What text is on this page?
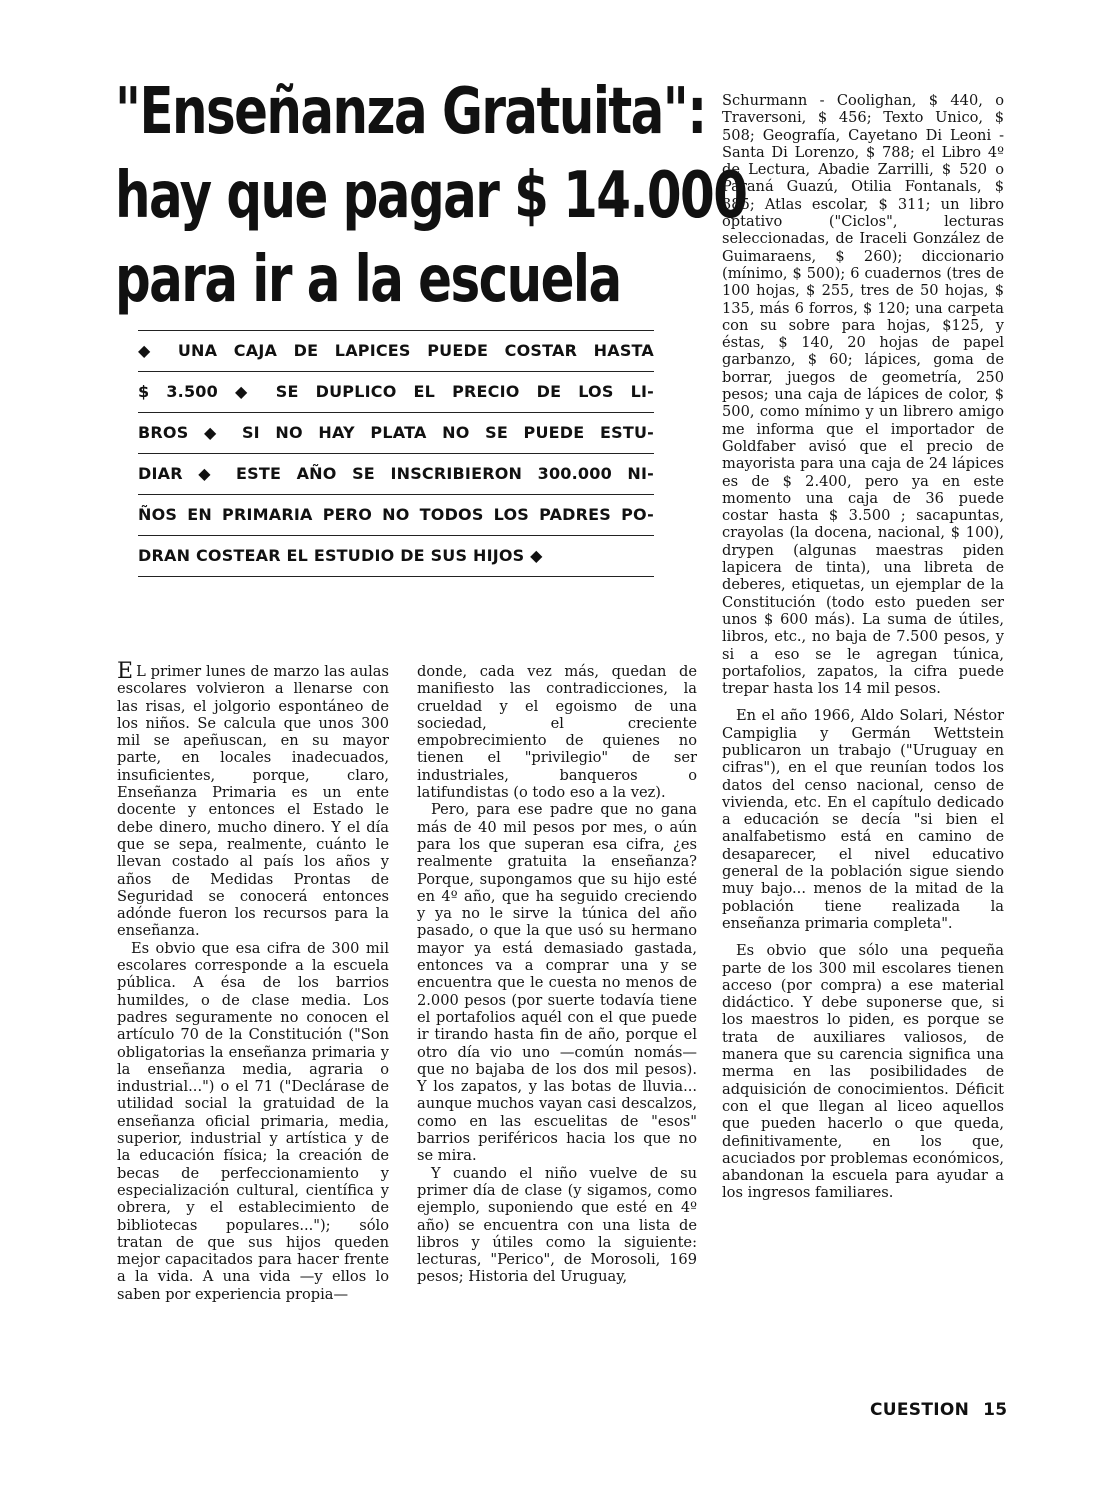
"Enseñanza Gratuita":
hay que pagar $ 14.000
para ir a la escuela
◆ UNA CAJA DE LAPICES PUEDE COSTAR HASTA
$ 3.500 ◆ SE DUPLICO EL PRECIO DE LOS LI-
BROS ◆ SI NO HAY PLATA NO SE PUEDE ESTU-
DIAR ◆ ESTE AÑO SE INSCRIBIERON 300.000 NI-
ÑOS EN PRIMARIA PERO NO TODOS LOS PADRES PO-
DRAN COSTEAR EL ESTUDIO DE SUS HIJOS ◆

E L primer lunes de marzo las aulas escolares volvieron a llenarse con las risas, el jolgorio espontáneo de los niños. Se calcula que unos 300 mil se apeñuscan, en su mayor parte, en locales inadecuados, insuficientes, porque, claro, Enseñanza Primaria es un ente docente y entonces el Estado le debe dinero, mucho dinero. Y el día que se sepa, realmente, cuánto le llevan costado al país los años y años de Medidas Prontas de Seguridad se conocerá entonces adónde fueron los recursos para la enseñanza.

Es obvio que esa cifra de 300 mil escolares corresponde a la escuela pública. A ésa de los barrios humildes, o de clase media. Los padres seguramente no conocen el artículo 70 de la Constitución ("Son obligatorias la enseñanza primaria y la enseñanza media, agraria o industrial...") o el 71 ("Declárase de utilidad social la gratuidad de la enseñanza oficial primaria, media, superior, industrial y artística y de la educación física; la creación de becas de perfeccionamiento y especialización cultural, científica y obrera, y el establecimiento de bibliotecas populares..."); sólo tratan de que sus hijos queden mejor capacitados para hacer frente a la vida. A una vida —y ellos lo saben por experiencia propia—

donde, cada vez más, quedan de manifiesto las contradicciones, la crueldad y el egoismo de una sociedad, el creciente empobrecimiento de quienes no tienen el "privilegio" de ser industriales, banqueros o latifundistas (o todo eso a la vez).

Pero, para ese padre que no gana más de 40 mil pesos por mes, o aún para los que superan esa cifra, ¿es realmente gratuita la enseñanza? Porque, supongamos que su hijo esté en 4º año, que ha seguido creciendo y ya no le sirve la túnica del año pasado, o que la que usó su hermano mayor ya está demasiado gastada, entonces va a comprar una y se encuentra que le cuesta no menos de 2.000 pesos (por suerte todavía tiene el portafolios aquél con el que puede ir tirando hasta fin de año, porque el otro día vio uno —común nomás— que no bajaba de los dos mil pesos). Y los zapatos, y las botas de lluvia... aunque muchos vayan casi descalzos, como en las escuelitas de "esos" barrios periféricos hacia los que no se mira.

Y cuando el niño vuelve de su primer día de clase (y sigamos, como ejemplo, suponiendo que esté en 4º año) se encuentra con una lista de libros y útiles como la siguiente: lecturas, "Perico", de Morosoli, 169 pesos; Historia del Uruguay,

Schurmann - Coolighan, $ 440, o Traversoni, $ 456; Texto Unico, $ 508; Geografía, Cayetano Di Leoni - Santa Di Lorenzo, $ 788; el Libro 4º de Lectura, Abadie Zarrilli, $ 520 o Paraná Guazú, Otilia Fontanals, $ 385; Atlas escolar, $ 311; un libro optativo ("Ciclos", lecturas seleccionadas, de Iraceli González de Guimaraens, $ 260); diccionario (mínimo, $ 500); 6 cuadernos (tres de 100 hojas, $ 255, tres de 50 hojas, $ 135, más 6 forros, $ 120; una carpeta con su sobre para hojas, $125, y éstas, $ 140, 20 hojas de papel garbanzo, $ 60; lápices, goma de borrar, juegos de geometría, 250 pesos; una caja de lápices de color, $ 500, como mínimo y un librero amigo me informa que el importador de Goldfaber avisó que el precio de mayorista para una caja de 24 lápices es de $ 2.400, pero ya en este momento una caja de 36 puede costar hasta $ 3.500 ; sacapuntas, crayolas (la docena, nacional, $ 100), drypen (algunas maestras piden lapicera de tinta), una libreta de deberes, etiquetas, un ejemplar de la Constitución (todo esto pueden ser unos $ 600 más). La suma de útiles, libros, etc., no baja de 7.500 pesos, y si a eso se le agregan túnica, portafolios, zapatos, la cifra puede trepar hasta los 14 mil pesos.

En el año 1966, Aldo Solari, Néstor Campiglia y Germán Wettstein publicaron un trabajo ("Uruguay en cifras"), en el que reunían todos los datos del censo nacional, censo de vivienda, etc. En el capítulo dedicado a educación se decía "si bien el analfabetismo está en camino de desaparecer, el nivel educativo general de la población sigue siendo muy bajo... menos de la mitad de la población tiene realizada la enseñanza primaria completa".

Es obvio que sólo una pequeña parte de los 300 mil escolares tienen acceso (por compra) a ese material didáctico. Y debe suponerse que, si los maestros lo piden, es porque se trata de auxiliares valiosos, de manera que su carencia significa una merma en las posibilidades de adquisición de conocimientos. Déficit con el que llegan al liceo aquellos que pueden hacerlo o que queda, definitivamente, en los que, acuciados por problemas económicos, abandonan la escuela para ayudar a los ingresos familiares.

CUESTION 15
